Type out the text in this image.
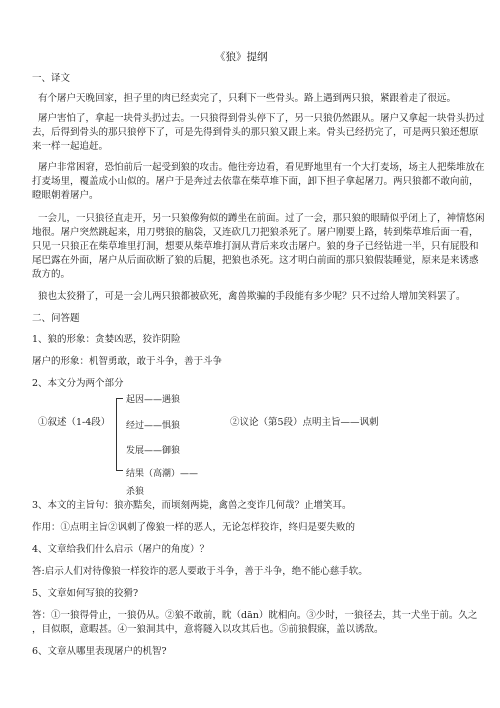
《狼》提纲
一、译文
有个屠户天晚回家，担子里的肉已经卖完了，只剩下一些骨头。路上遇到两只狼，紧跟着走了很远。
屠户害怕了，拿起一块骨头扔过去。一只狼得到骨头停下了，另一只狼仍然跟从。屠户又拿起一块骨头扔过
去，后得到骨头的那只狼停下了，可是先得到骨头的那只狼又跟上来。骨头已经扔完了，可是两只狼还想原
来一样一起追赶。
屠户非常困窘，恐怕前后一起受到狼的攻击。他往旁边看，看见野地里有一个大打麦场，场主人把柴堆放在
打麦场里，覆盖成小山似的。屠户于是奔过去依靠在柴草堆下面，卸下担子拿起屠刀。两只狼都不敢向前，
瞪眼朝着屠户。
一会儿，一只狼径直走开，另一只狼像狗似的蹲坐在前面。过了一会，那只狼的眼睛似乎闭上了，神情悠闲
地很。屠户突然跳起来，用刀劈狼的脑袋，又连砍几刀把狼杀死了。屠户刚要上路，转到柴草堆后面一看，
只见一只狼正在柴草堆里打洞，想要从柴草堆打洞从背后来攻击屠户。狼的身子已经钻进一半，只有屁股和
尾巴露在外面，屠户从后面砍断了狼的后腿，把狼也杀死。这才明白前面的那只狼假装睡觉，原来是来诱惑
敌方的。
狼也太狡猾了，可是一会儿两只狼都被砍死，禽兽欺骗的手段能有多少呢？只不过给人增加笑料罢了。
二、问答题
1、狼的形象：贪婪凶恶，狡诈阴险
屠户的形象：机智勇敢，敢于斗争，善于斗争
2、本文分为两个部分
①叙述（1-4段）
起因——遇狼
经过——惧狼
发展——御狼
结果（高潮）——
杀狼
②议论（第5段）点明主旨——讽刺
3、本文的主旨句：狼亦黠矣，而顷刻两毙，禽兽之变诈几何哉？止增笑耳。
作用：①点明主旨②讽刺了像狼一样的恶人，无论怎样狡诈，终归是要失败的
4、文章给我们什么启示（屠户的角度）？
答:启示人们对待像狼一样狡诈的恶人要敢于斗争，善于斗争，绝不能心慈手软。
5、文章如何写狼的狡猾?
答：①一狼得骨止，一狼仍从。②狼不敢前，眈（dān）眈相向。③少时，一狼径去，其一犬坐于前。久之
，目似瞑，意暇甚。④一狼洞其中，意将隧入以攻其后也。⑤前狼假寐，盖以诱敌。
6、文章从哪里表现屠户的机智?
